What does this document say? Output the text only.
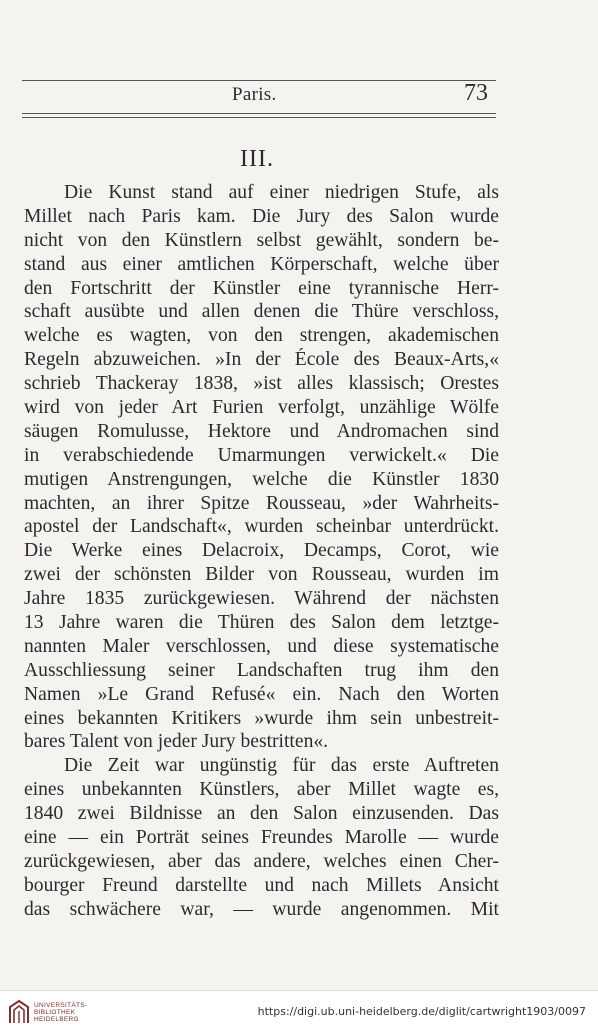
Paris.	73
III.
Die Kunst stand auf einer niedrigen Stufe, als
Millet nach Paris kam. Die Jury des Salon wurde
nicht von den Künstlern selbst gewählt, sondern be-
stand aus einer amtlichen Körperschaft, welche über
den Fortschritt der Künstler eine tyrannische Herr-
schaft ausübte und allen denen die Thüre verschloss,
welche es wagten, von den strengen, akademischen
Regeln abzuweichen. »In der École des Beaux-Arts,«
schrieb Thackeray 1838, »ist alles klassisch; Orestes
wird von jeder Art Furien verfolgt, unzählige Wölfe
säugen Romulusse, Hektore und Andromachen sind
in verabschiedende Umarmungen verwickelt.« Die
mutigen Anstrengungen, welche die Künstler 1830
machten, an ihrer Spitze Rousseau, »der Wahrheits-
apostel der Landschaft«, wurden scheinbar unterdrückt.
Die Werke eines Delacroix, Decamps, Corot, wie
zwei der schönsten Bilder von Rousseau, wurden im
Jahre 1835 zurückgewiesen. Während der nächsten
13 Jahre waren die Thüren des Salon dem letztge-
nannten Maler verschlossen, und diese systematische
Ausschliessung seiner Landschaften trug ihm den
Namen »Le Grand Refusé« ein. Nach den Worten
eines bekannten Kritikers »wurde ihm sein unbestreit-
bares Talent von jeder Jury bestritten«.
Die Zeit war ungünstig für das erste Auftreten
eines unbekannten Künstlers, aber Millet wagte es,
1840 zwei Bildnisse an den Salon einzusenden. Das
eine — ein Porträt seines Freundes Marolle — wurde
zurückgewiesen, aber das andere, welches einen Cher-
bourger Freund darstellte und nach Millets Ansicht
das schwächere war, — wurde angenommen. Mit
UNIVERSITÄTS-
BIBLIOTHEK
HEIDELBERG
https://digi.ub.uni-heidelberg.de/diglit/cartwright1903/0097
